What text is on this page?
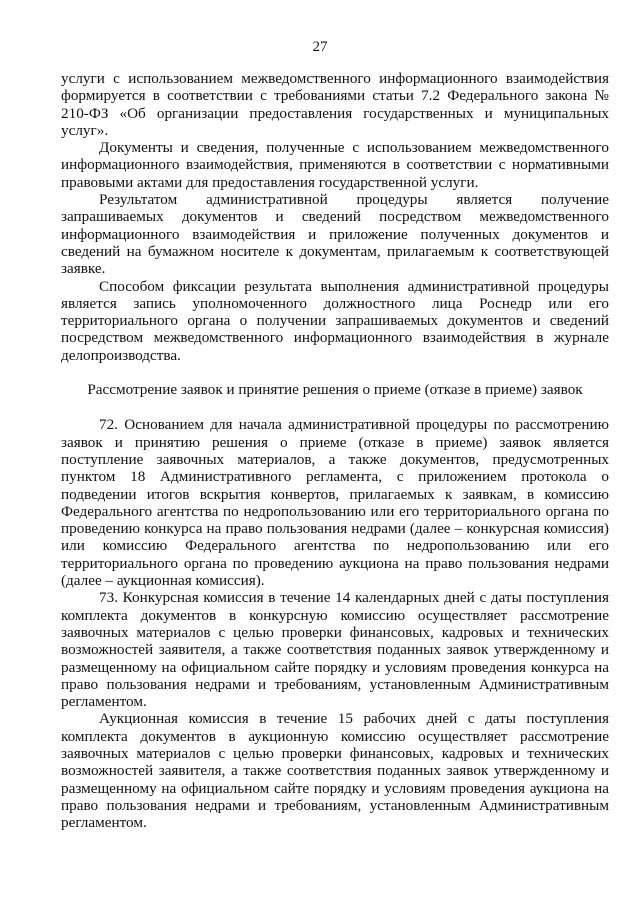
27

услуги с использованием межведомственного информационного взаимодействия формируется в соответствии с требованиями статьи 7.2 Федерального закона № 210-ФЗ «Об организации предоставления государственных и муниципальных услуг».

Документы и сведения, полученные с использованием межведомственного информационного взаимодействия, применяются в соответствии с нормативными правовыми актами для предоставления государственной услуги.

Результатом административной процедуры является получение запрашиваемых документов и сведений посредством межведомственного информационного взаимодействия и приложение полученных документов и сведений на бумажном носителе к документам, прилагаемым к соответствующей заявке.

Способом фиксации результата выполнения административной процедуры является запись уполномоченного должностного лица Роснедр или его территориального органа о получении запрашиваемых документов и сведений посредством межведомственного информационного взаимодействия в журнале делопроизводства.

Рассмотрение заявок и принятие решения о приеме (отказе в приеме) заявок

72. Основанием для начала административной процедуры по рассмотрению заявок и принятию решения о приеме (отказе в приеме) заявок является поступление заявочных материалов, а также документов, предусмотренных пунктом 18 Административного регламента, с приложением протокола о подведении итогов вскрытия конвертов, прилагаемых к заявкам, в комиссию Федерального агентства по недропользованию или его территориального органа по проведению конкурса на право пользования недрами (далее – конкурсная комиссия) или комиссию Федерального агентства по недропользованию или его территориального органа по проведению аукциона на право пользования недрами (далее – аукционная комиссия).

73. Конкурсная комиссия в течение 14 календарных дней с даты поступления комплекта документов в конкурсную комиссию осуществляет рассмотрение заявочных материалов с целью проверки финансовых, кадровых и технических возможностей заявителя, а также соответствия поданных заявок утвержденному и размещенному на официальном сайте порядку и условиям проведения конкурса на право пользования недрами и требованиям, установленным Административным регламентом.

Аукционная комиссия в течение 15 рабочих дней с даты поступления комплекта документов в аукционную комиссию осуществляет рассмотрение заявочных материалов с целью проверки финансовых, кадровых и технических возможностей заявителя, а также соответствия поданных заявок утвержденному и размещенному на официальном сайте порядку и условиям проведения аукциона на право пользования недрами и требованиям, установленным Административным регламентом.
